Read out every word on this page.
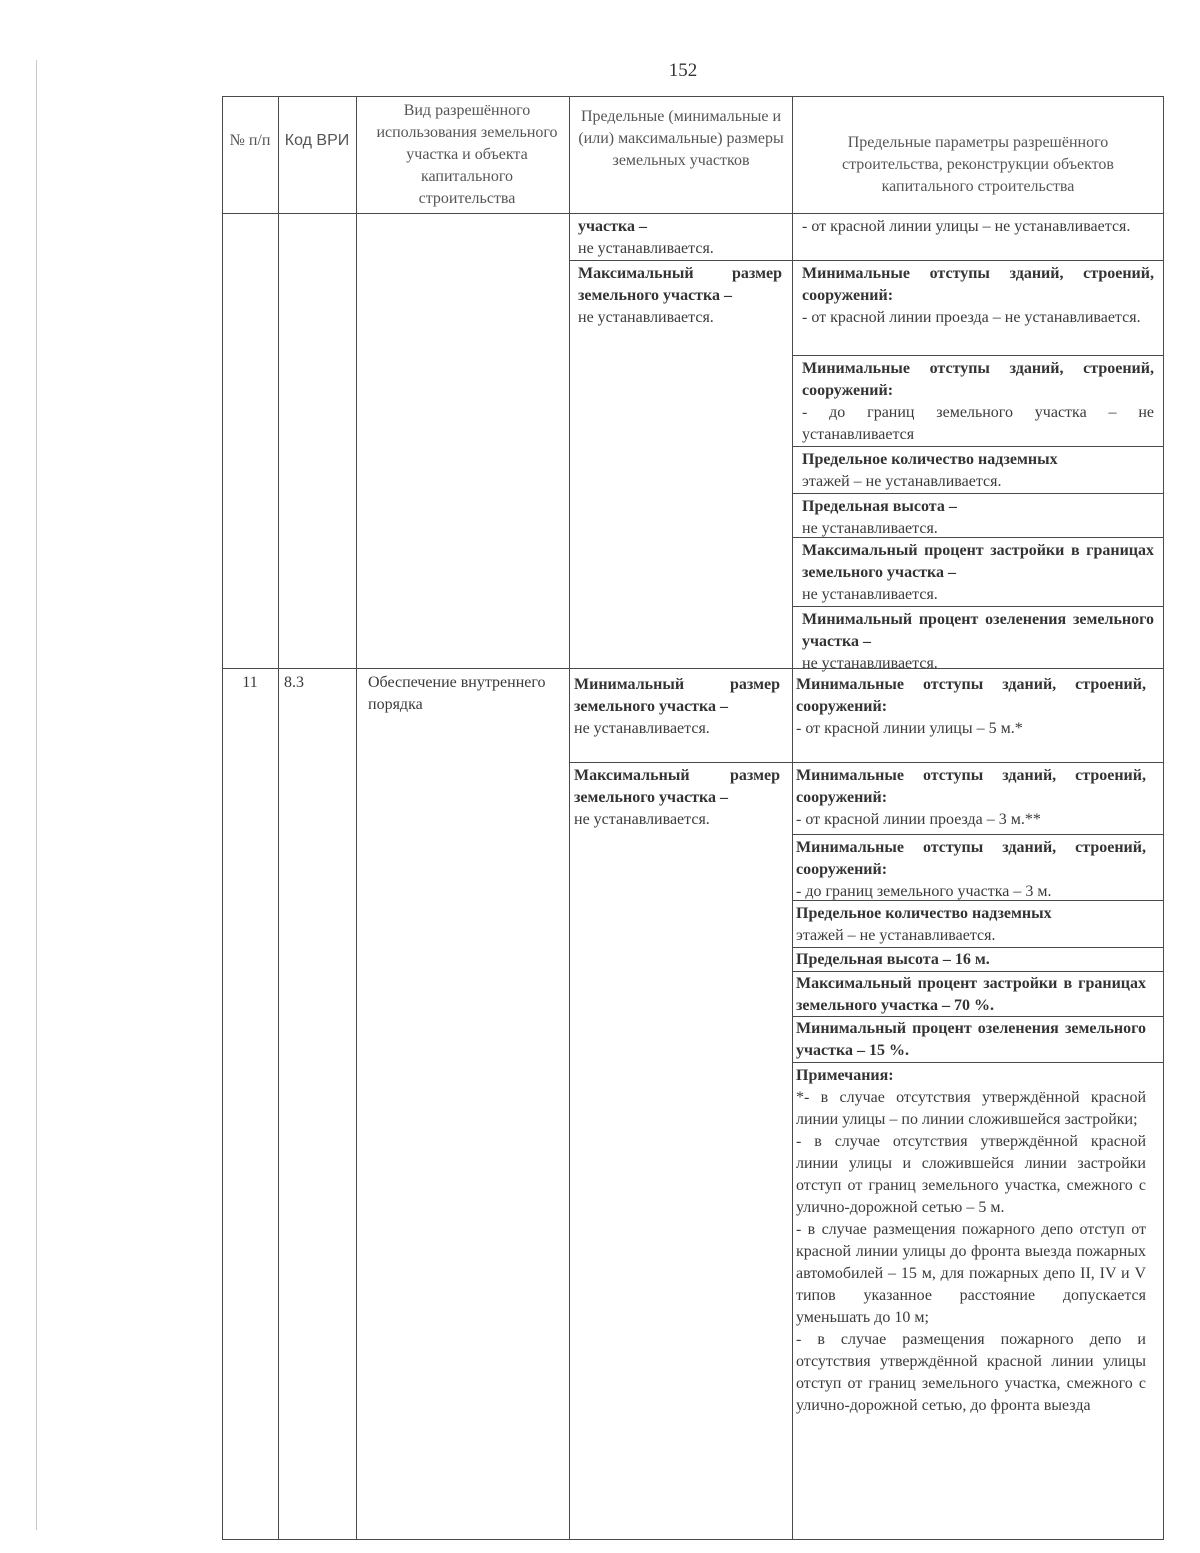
152
№ п/п Код ВРИ
Вид разрешённого использования земельного участка и объекта капитального строительства
Предельные (минимальные и (или) максимальные) размеры земельных участков
Предельные параметры разрешённого строительства, реконструкции объектов капитального строительства
участка –
не устанавливается.
Максимальный размер земельного участка –
не устанавливается.
- от красной линии улицы – не устанавливается.
Минимальные отступы зданий, строений, сооружений:
- от красной линии проезда – не устанавливается.
Минимальные отступы зданий, строений, сооружений:
- до границ земельного участка – не устанавливается
Предельное количество надземных
этажей – не устанавливается.
Предельная высота –
не устанавливается.
Максимальный процент застройки в границах земельного участка –
не устанавливается.
Минимальный процент озеленения земельного участка –
не устанавливается.
11	8.3	Обеспечение внутреннего порядка
Минимальный размер земельного участка –
не устанавливается.
Максимальный размер земельного участка –
не устанавливается.
Минимальные отступы зданий, строений, сооружений:
- от красной линии улицы – 5 м.*
Минимальные отступы зданий, строений, сооружений:
- от красной линии проезда – 3 м.**
Минимальные отступы зданий, строений, сооружений:
- до границ земельного участка – 3 м.
Предельное количество надземных
этажей – не устанавливается.
Предельная высота – 16 м.
Максимальный процент застройки в границах земельного участка – 70 %.
Минимальный процент озеленения земельного участка – 15 %.
Примечания:

*- в случае отсутствия утверждённой красной линии улицы – по линии сложившейся застройки;

- в случае отсутствия утверждённой красной линии улицы и сложившейся линии застройки отступ от границ земельного участка, смежного с улично-дорожной сетью – 5 м.

- в случае размещения пожарного депо отступ от красной линии улицы до фронта выезда пожарных автомобилей – 15 м, для пожарных депо II, IV и V типов указанное расстояние допускается уменьшать до 10 м;

- в случае размещения пожарного депо и отсутствия утверждённой красной линии улицы отступ от границ земельного участка, смежного с улично-дорожной сетью, до фронта выезда
